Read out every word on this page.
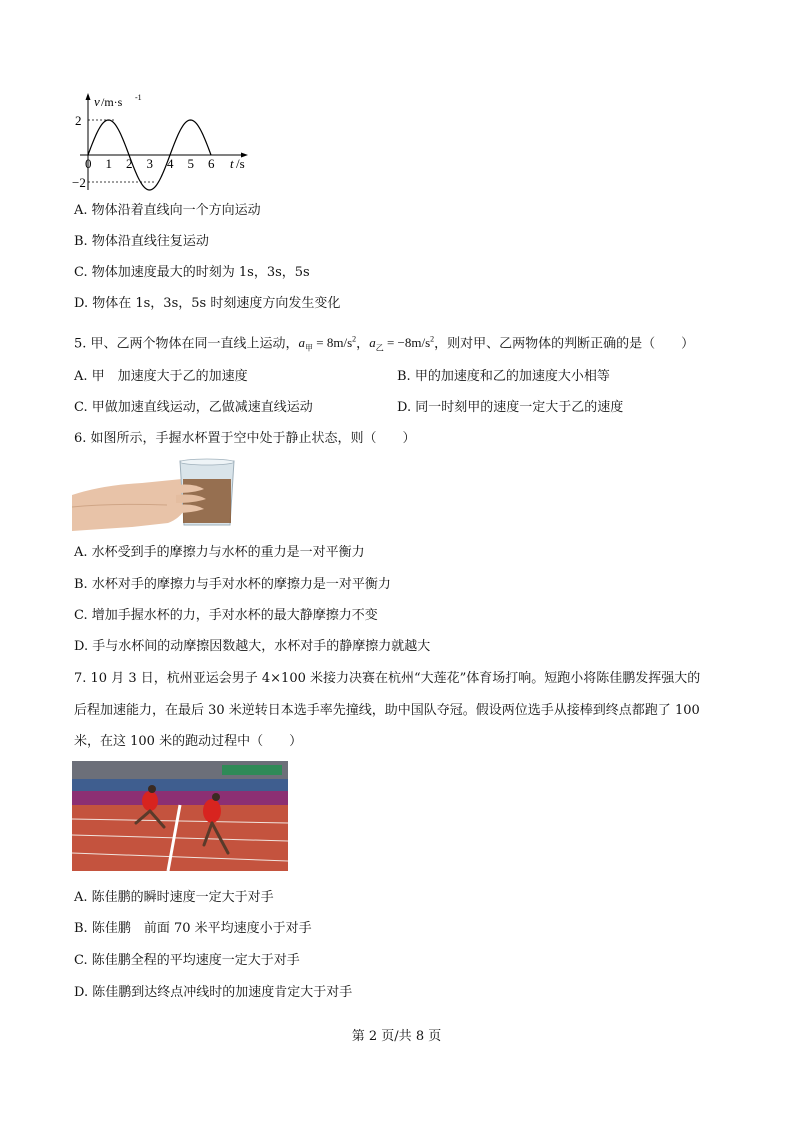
v /m·s -1
2
−2
0 1 2 3 4 5 6 t /s
A. 物体沿着直线向一个方向运动
B. 物体沿直线往复运动
C. 物体加速度最大的时刻为 1s，3s，5s
D. 物体在 1s，3s，5s 时刻速度方向发生变化
5. 甲、乙两个物体在同一直线上运动，$a_甲 = 8m/s^2$，$a_乙 = -8m/s^2$，则对甲、乙两物体的判断正确的是（　　）
A. 甲　加速度大于乙的加速度	B. 甲的加速度和乙的加速度大小相等
C. 甲做加速直线运动，乙做减速直线运动	D. 同一时刻甲的速度一定大于乙的速度
6. 如图所示，手握水杯置于空中处于静止状态，则（　　）
A. 水杯受到手的摩擦力与水杯的重力是一对平衡力
B. 水杯对手的摩擦力与手对水杯的摩擦力是一对平衡力
C. 增加手握水杯的力，手对水杯的最大静摩擦力不变
D. 手与水杯间的动摩擦因数越大，水杯对手的静摩擦力就越大
7. 10 月 3 日，杭州亚运会男子 4×100 米接力决赛在杭州“大莲花”体育场打响。短跑小将陈佳鹏发挥强大的
后程加速能力，在最后 30 米逆转日本选手率先撞线，助中国队夺冠。假设两位选手从接棒到终点都跑了 100
米，在这 100 米的跑动过程中（　　）
A. 陈佳鹏的瞬时速度一定大于对手
B. 陈佳鹏　前面 70 米平均速度小于对手
C. 陈佳鹏全程的平均速度一定大于对手
D. 陈佳鹏到达终点冲线时的加速度肯定大于对手
第 2 页/共 8 页
